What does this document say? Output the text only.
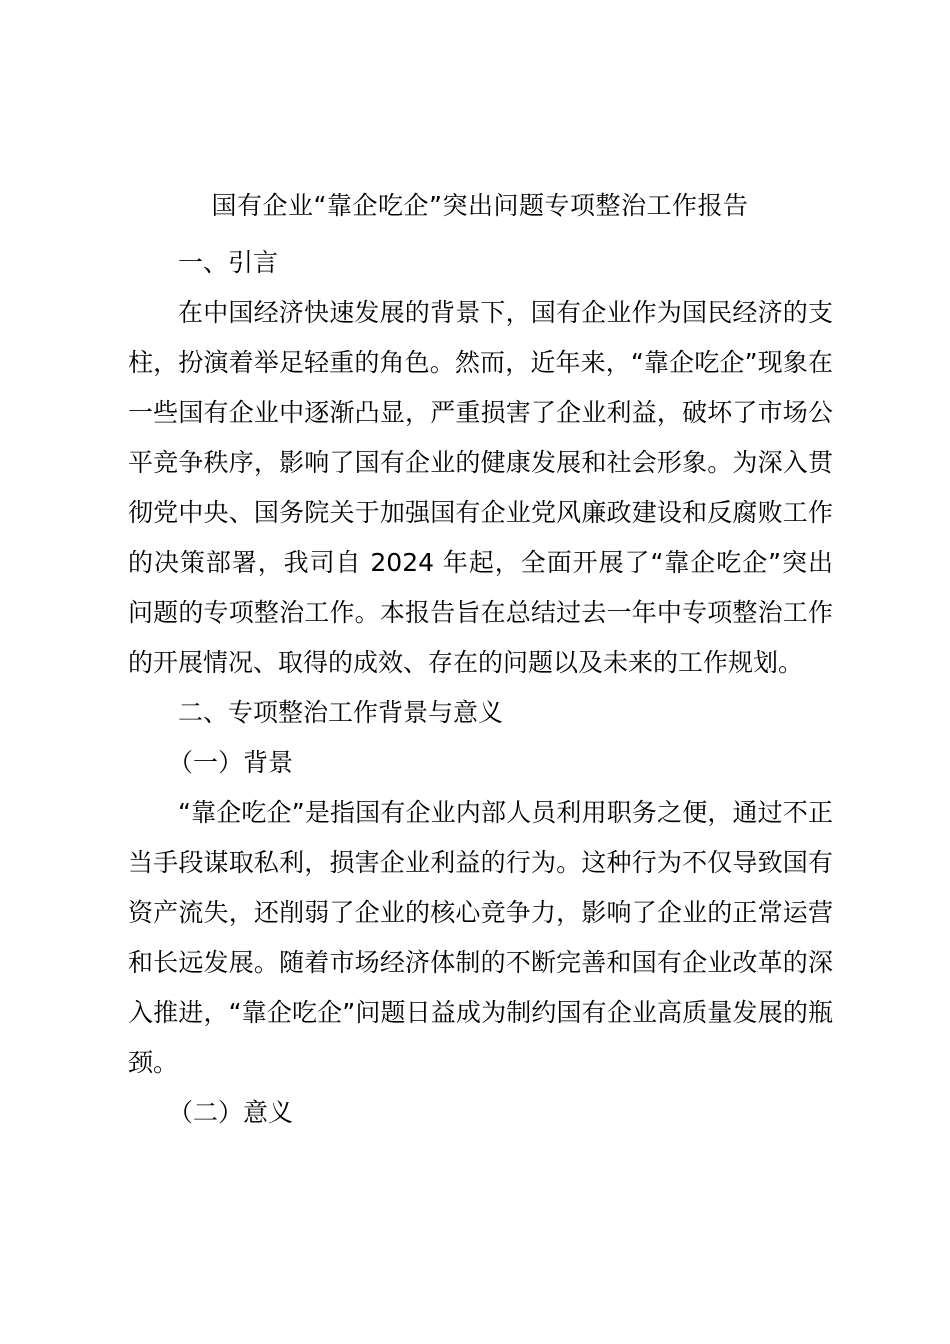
国有企业“靠企吃企”突出问题专项整治工作报告

一、引言

在中国经济快速发展的背景下，国有企业作为国民经济的支柱，扮演着举足轻重的角色。然而，近年来，“靠企吃企”现象在一些国有企业中逐渐凸显，严重损害了企业利益，破坏了市场公平竞争秩序，影响了国有企业的健康发展和社会形象。为深入贯彻党中央、国务院关于加强国有企业党风廉政建设和反腐败工作的决策部署，我司自 2024 年起，全面开展了“靠企吃企”突出问题的专项整治工作。本报告旨在总结过去一年中专项整治工作的开展情况、取得的成效、存在的问题以及未来的工作规划。

二、专项整治工作背景与意义

（一）背景

“靠企吃企”是指国有企业内部人员利用职务之便，通过不正当手段谋取私利，损害企业利益的行为。这种行为不仅导致国有资产流失，还削弱了企业的核心竞争力，影响了企业的正常运营和长远发展。随着市场经济体制的不断完善和国有企业改革的深入推进，“靠企吃企”问题日益成为制约国有企业高质量发展的瓶颈。

（二）意义
